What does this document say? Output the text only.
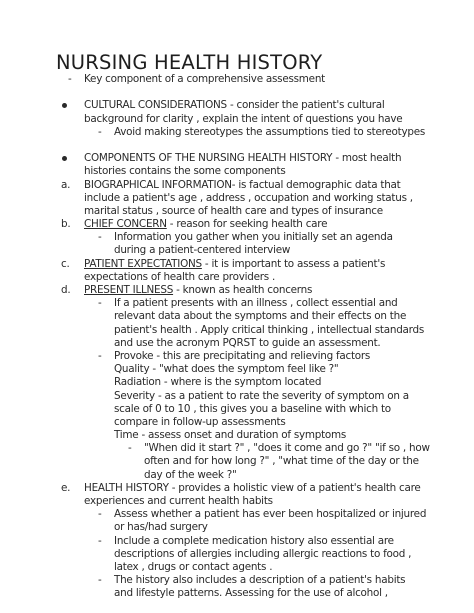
NURSING HEALTH HISTORY
- Key component of a comprehensive assessment
CULTURAL CONSIDERATIONS - consider the patient's cultural
background for clarity , explain the intent of questions you have
- Avoid making stereotypes the assumptions tied to stereotypes
COMPONENTS OF THE NURSING HEALTH HISTORY - most health
histories contains the some components
a. BIOGRAPHICAL INFORMATION- is factual demographic data that
include a patient's age , address , occupation and working status ,
marital status , source of health care and types of insurance
b. CHIEF CONCERN - reason for seeking health care
- Information you gather when you initially set an agenda
during a patient-centered interview
c. PATIENT EXPECTATIONS - it is important to assess a patient's
expectations of health care providers .
d. PRESENT ILLNESS - known as health concerns
- If a patient presents with an illness , collect essential and
relevant data about the symptoms and their effects on the
patient's health . Apply critical thinking , intellectual standards
and use the acronym PQRST to guide an assessment.
- Provoke - this are precipitating and relieving factors
Quality - "what does the symptom feel like ?"
Radiation - where is the symptom located
Severity - as a patient to rate the severity of symptom on a
scale of 0 to 10 , this gives you a baseline with which to
compare in follow-up assessments
Time - assess onset and duration of symptoms
- "When did it start ?" , "does it come and go ?" "if so , how
often and for how long ?" , "what time of the day or the
day of the week ?"
e. HEALTH HISTORY - provides a holistic view of a patient's health care
experiences and current health habits
- Assess whether a patient has ever been hospitalized or injured
or has/had surgery
- Include a complete medication history also essential are
descriptions of allergies including allergic reactions to food ,
latex , drugs or contact agents .
- The history also includes a description of a patient's habits
and lifestyle patterns. Assessing for the use of alcohol ,
